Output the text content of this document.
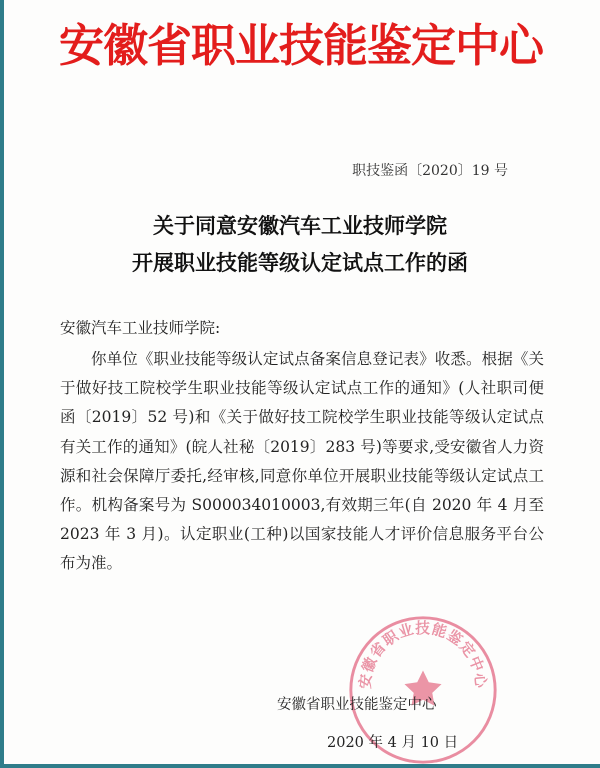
安徽省职业技能鉴定中心
职技鉴函〔2020〕19 号
关于同意安徽汽车工业技师学院
开展职业技能等级认定试点工作的函
安徽汽车工业技师学院:
你单位《职业技能等级认定试点备案信息登记表》收悉。根据《关于做好技工院校学生职业技能等级认定试点工作的通知》(人社职司便函〔2019〕52 号)和《关于做好技工院校学生职业技能等级认定试点有关工作的通知》(皖人社秘〔2019〕283 号)等要求,受安徽省人力资源和社会保障厅委托,经审核,同意你单位开展职业技能等级认定试点工作。机构备案号为 S000034010003,有效期三年(自 2020 年 4 月至 2023 年 3 月)。认定职业(工种)以国家技能人才评价信息服务平台公布为准。
安徽省职业技能鉴定中心
安徽省职业技能鉴定中心
2020 年 4 月 10 日
